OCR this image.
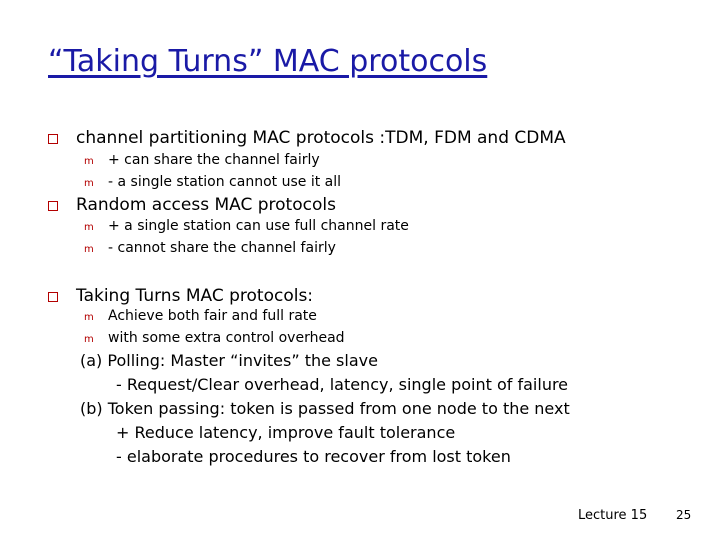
“Taking Turns” MAC protocols
channel partitioning MAC protocols :TDM, FDM and CDMA
m + can share the channel fairly
m - a single station cannot use it all
Random access MAC protocols
m + a single station can use full channel rate
m - cannot share the channel fairly
Taking Turns MAC protocols:
m Achieve both fair and full rate
m with some extra control overhead
(a) Polling: Master “invites” the slave
- Request/Clear overhead, latency, single point of failure
(b) Token passing: token is passed from one node to the next
+ Reduce latency, improve fault tolerance
- elaborate procedures to recover from lost token
Lecture 15 25
